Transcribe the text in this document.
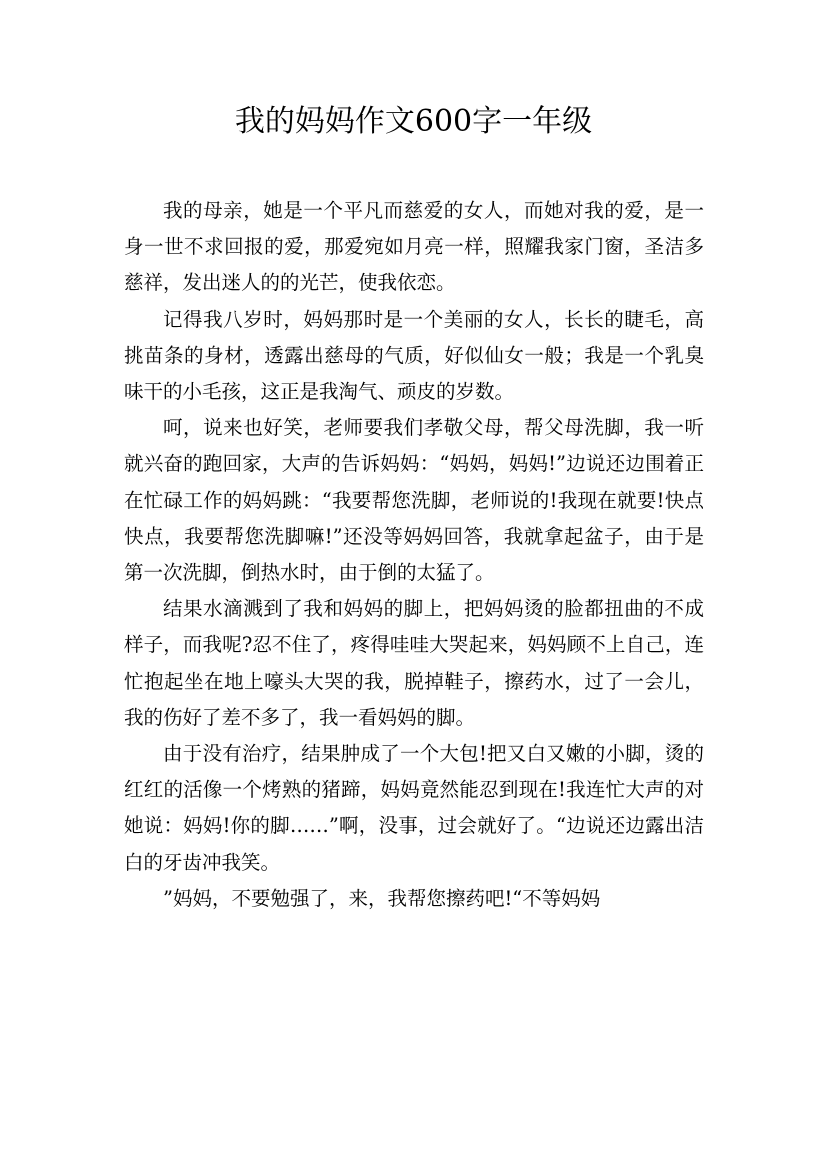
我的妈妈作文600字一年级

我的母亲，她是一个平凡而慈爱的女人，而她对我的爱，是一身一世不求回报的爱，那爱宛如月亮一样，照耀我家门窗，圣洁多慈祥，发出迷人的的光芒，使我依恋。

记得我八岁时，妈妈那时是一个美丽的女人，长长的睫毛，高挑苗条的身材，透露出慈母的气质，好似仙女一般；我是一个乳臭味干的小毛孩，这正是我淘气、顽皮的岁数。

呵，说来也好笑，老师要我们孝敬父母，帮父母洗脚，我一听就兴奋的跑回家，大声的告诉妈妈：“妈妈，妈妈!”边说还边围着正在忙碌工作的妈妈跳：“我要帮您洗脚，老师说的!我现在就要!快点快点，我要帮您洗脚嘛!”还没等妈妈回答，我就拿起盆子，由于是第一次洗脚，倒热水时，由于倒的太猛了。

结果水滴溅到了我和妈妈的脚上，把妈妈烫的脸都扭曲的不成样子，而我呢?忍不住了，疼得哇哇大哭起来，妈妈顾不上自己，连忙抱起坐在地上嚎头大哭的我，脱掉鞋子，擦药水，过了一会儿，我的伤好了差不多了，我一看妈妈的脚。

由于没有治疗，结果肿成了一个大包!把又白又嫩的小脚，烫的红红的活像一个烤熟的猪蹄，妈妈竟然能忍到现在!我连忙大声的对她说：妈妈!你的脚……”啊，没事，过会就好了。“边说还边露出洁白的牙齿冲我笑。

”妈妈，不要勉强了，来，我帮您擦药吧!“不等妈妈
